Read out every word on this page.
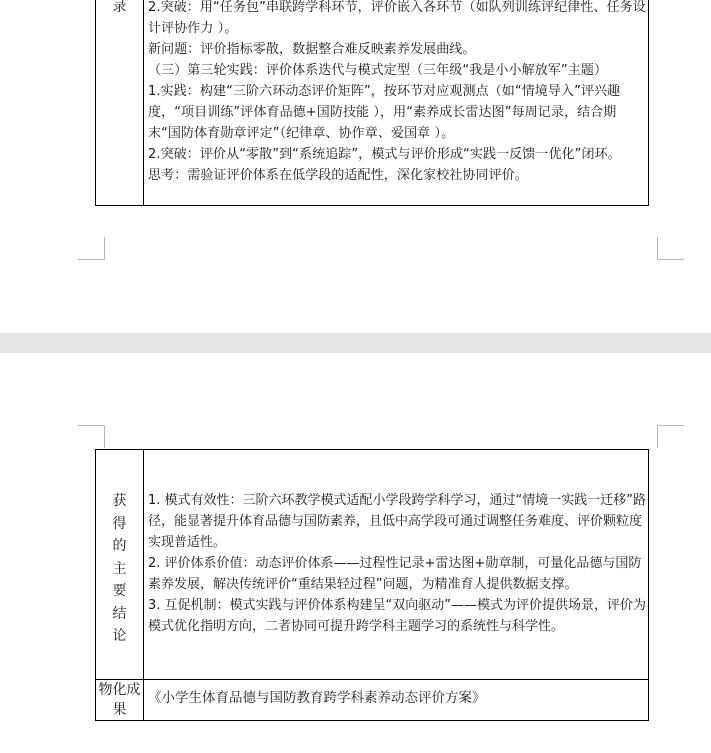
录	2.突破：用“任务包”串联跨学科环节，评价嵌入各环节（如队列训练评纪律性、任务设计评协作力 ）。

新问题：评价指标零散，数据整合难反映素养发展曲线。

（三）第三轮实践：评价体系迭代与模式定型（三年级“我是小小解放军”主题）

1.实践：构建“三阶六环动态评价矩阵”，按环节对应观测点（如“情境导入”评兴趣度，“项目训练”评体育品德+国防技能 ），用“素养成长雷达图”每周记录，结合期末“国防体育勋章评定”（纪律章、协作章、爱国章 ）。

2.突破：评价从“零散”到“系统追踪”，模式与评价形成“实践一反馈一优化”闭环。

思考：需验证评价体系在低学段的适配性，深化家校社协同评价。

获
得
的
主
要
结
论

1. 模式有效性：三阶六环教学模式适配小学段跨学科学习，通过“情境一实践一迁移”路径，能显著提升体育品德与国防素养，且低中高学段可通过调整任务难度、评价颗粒度实现普适性。

2. 评价体系价值：动态评价体系——过程性记录+雷达图+勋章制，可量化品德与国防素养发展，解决传统评价“重结果轻过程”问题，为精准育人提供数据支撑。

3. 互促机制：模式实践与评价体系构建呈“双向驱动”——模式为评价提供场景，评价为模式优化指明方向，二者协同可提升跨学科主题学习的系统性与科学性。

物化成果
《小学生体育品德与国防教育跨学科素养动态评价方案》
